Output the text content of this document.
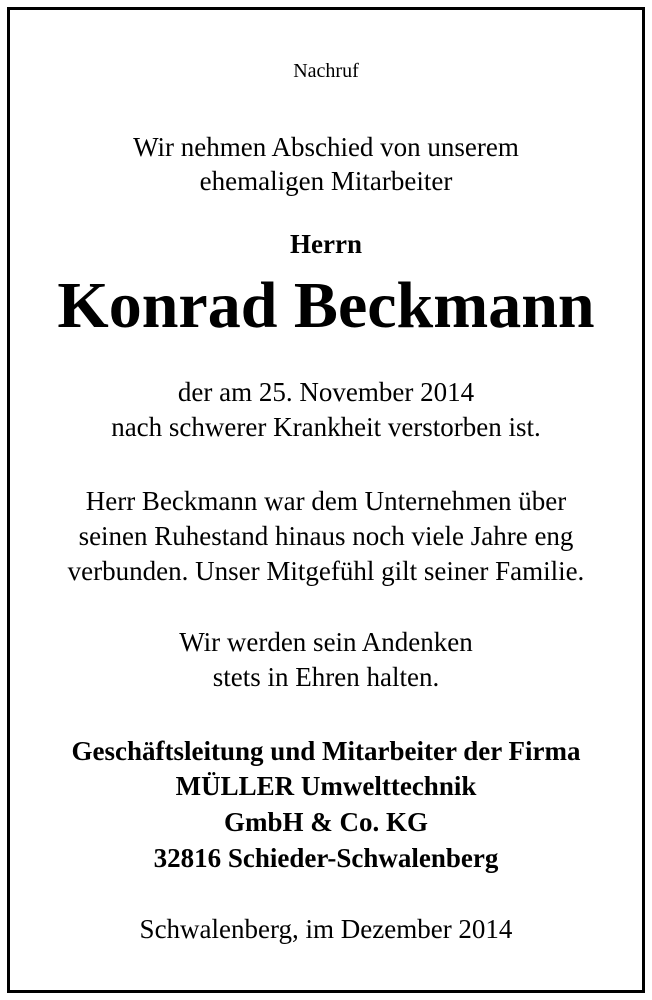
Nachruf
Wir nehmen Abschied von unserem
ehemaligen Mitarbeiter
Herrn
Konrad Beckmann
der am 25. November 2014
nach schwerer Krankheit verstorben ist.
Herr Beckmann war dem Unternehmen über
seinen Ruhestand hinaus noch viele Jahre eng
verbunden. Unser Mitgefühl gilt seiner Familie.
Wir werden sein Andenken
stets in Ehren halten.
Geschäftsleitung und Mitarbeiter der Firma
MÜLLER Umwelttechnik
GmbH & Co. KG
32816 Schieder-Schwalenberg
Schwalenberg, im Dezember 2014
